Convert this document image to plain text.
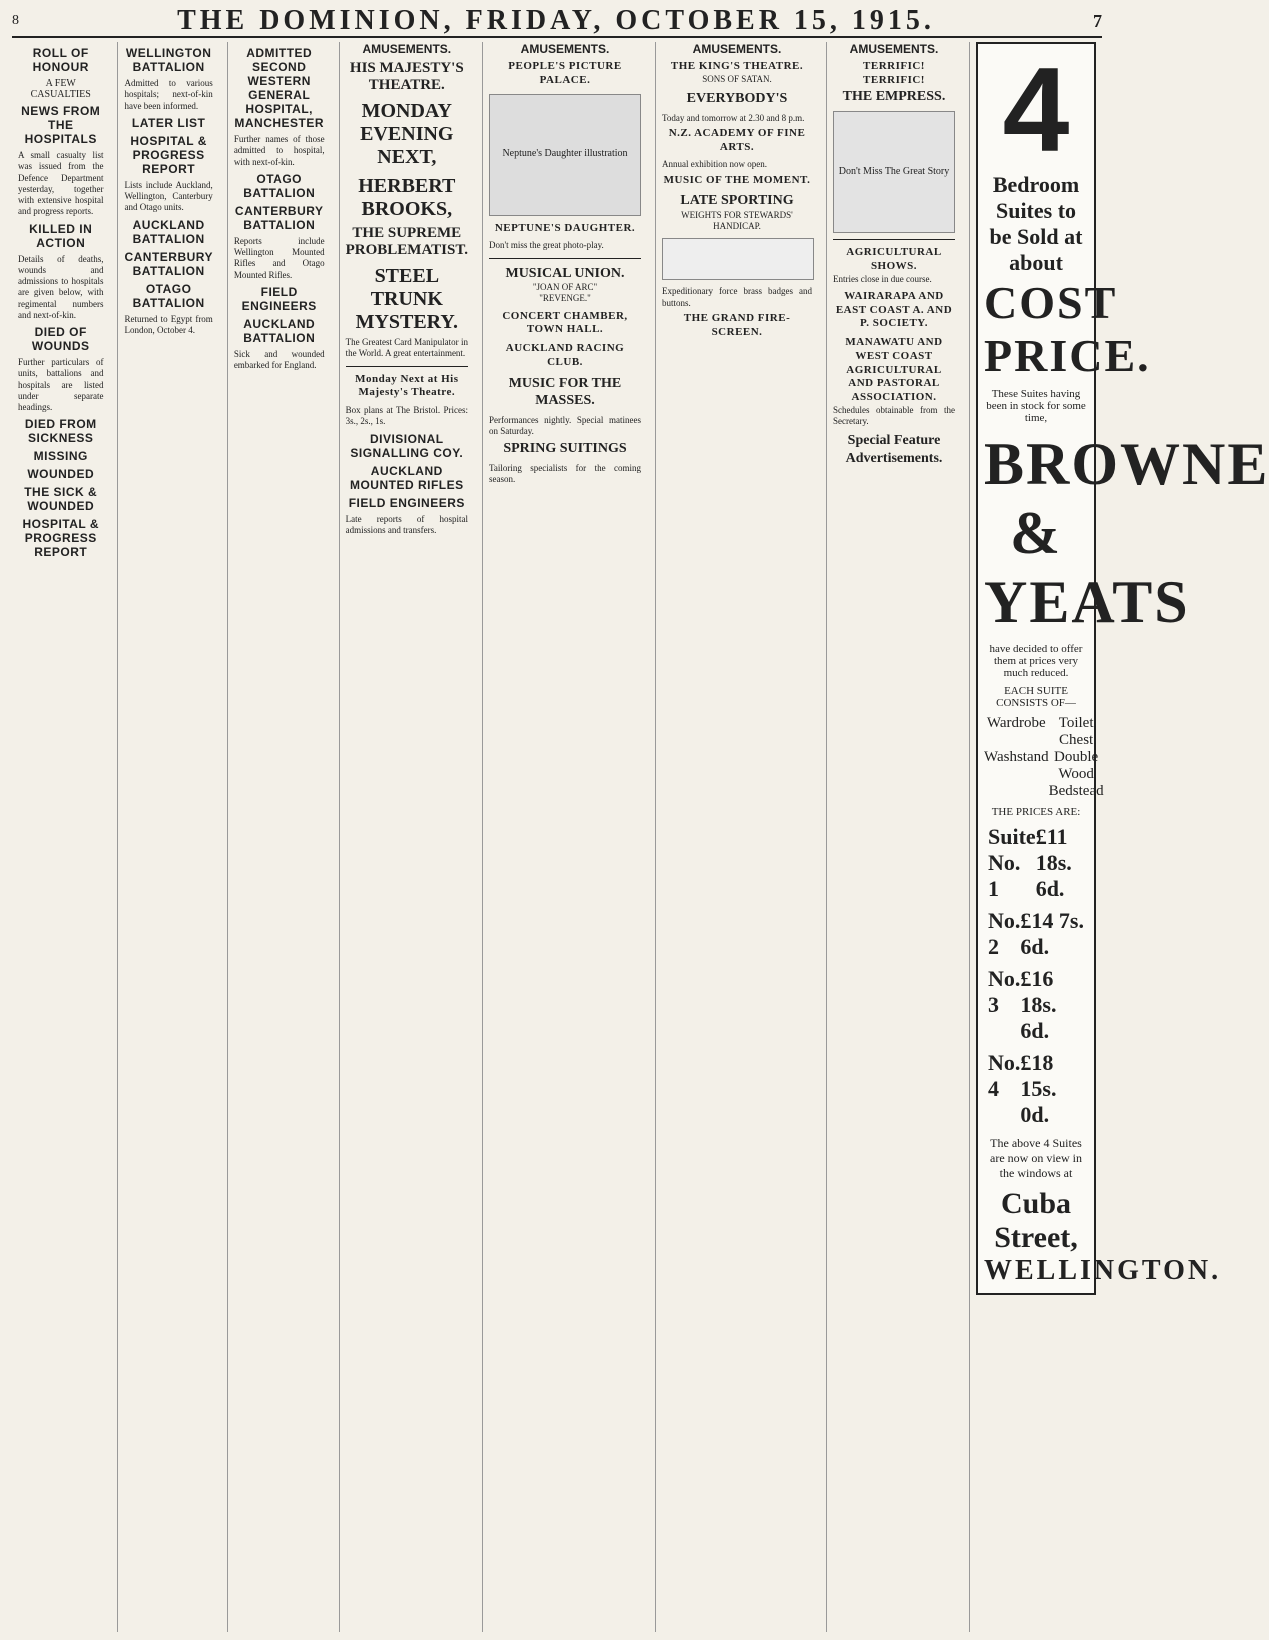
8	THE DOMINION, FRIDAY, OCTOBER 15, 1915.	7
ROLL OF HONOUR
A FEW CASUALTIES
NEWS FROM THE HOSPITALS

A small casualty list was issued from the Defence Department yesterday, together with extensive hospital and progress reports.

KILLED IN ACTION

Details of deaths, wounds and admissions to hospitals are given below, with regimental numbers and next-of-kin.

DIED OF WOUNDS

Further particulars of units, battalions and hospitals are listed under separate headings.

DIED FROM SICKNESS
MISSING
WOUNDED
THE SICK & WOUNDED
HOSPITAL & PROGRESS REPORT
WELLINGTON BATTALION

Admitted to various hospitals; next-of-kin have been informed.

LATER LIST
HOSPITAL & PROGRESS REPORT

Lists include Auckland, Wellington, Canterbury and Otago units.

AUCKLAND BATTALION
CANTERBURY BATTALION
OTAGO BATTALION

Returned to Egypt from London, October 4.

ADMITTED SECOND WESTERN GENERAL HOSPITAL, MANCHESTER

Further names of those admitted to hospital, with next-of-kin.

OTAGO BATTALION
CANTERBURY BATTALION

Reports include Wellington Mounted Rifles and Otago Mounted Rifles.

FIELD ENGINEERS
AUCKLAND BATTALION

Sick and wounded embarked for England.

AMUSEMENTS.
HIS MAJESTY'S THEATRE.
MONDAY EVENING NEXT,
HERBERT BROOKS,
THE SUPREME PROBLEMATIST.
STEEL TRUNK MYSTERY.

The Greatest Card Manipulator in the World. A great entertainment.

Monday Next at His Majesty's Theatre.

Box plans at The Bristol. Prices: 3s., 2s., 1s.

DIVISIONAL SIGNALLING COY.
AUCKLAND MOUNTED RIFLES
FIELD ENGINEERS

Late reports of hospital admissions and transfers.

AMUSEMENTS.
PEOPLE'S PICTURE PALACE.
Neptune's Daughter illustration
NEPTUNE'S DAUGHTER.

Don't miss the great photo-play.

MUSICAL UNION.
"JOAN OF ARC"
"REVENGE."
CONCERT CHAMBER, TOWN HALL.
AUCKLAND RACING CLUB.
MUSIC FOR THE MASSES.

Performances nightly. Special matinees on Saturday.

SPRING SUITINGS

Tailoring specialists for the coming season.

AMUSEMENTS.
THE KING'S THEATRE.
SONS OF SATAN.
EVERYBODY'S

Today and tomorrow at 2.30 and 8 p.m.

N.Z. ACADEMY OF FINE ARTS.

Annual exhibition now open.

MUSIC OF THE MOMENT.
LATE SPORTING
WEIGHTS FOR STEWARDS' HANDICAP.

Expeditionary force brass badges and buttons.

THE GRAND FIRE-SCREEN.
AMUSEMENTS.
TERRIFIC! TERRIFIC!
THE EMPRESS.
Don't Miss The Great Story
AGRICULTURAL SHOWS.

Entries close in due course.

WAIRARAPA AND EAST COAST A. AND P. SOCIETY.
MANAWATU AND WEST COAST AGRICULTURAL AND PASTORAL ASSOCIATION.

Schedules obtainable from the Secretary.

Special Feature Advertisements.
4
Bedroom Suites to be Sold at about
COST PRICE.
These Suites having been in stock for some time,
BROWNE & YEATS
have decided to offer them at prices very much reduced.
EACH SUITE CONSISTS OF—
Wardrobe Toilet Chest
Washstand Double Wood Bedstead
THE PRICES ARE:
Suite No. 1
£11 18s. 6d.
No. 2
£14 7s. 6d.
No. 3
£16 18s. 6d.
No. 4
£18 15s. 0d.
The above 4 Suites are now on view in the windows at
Cuba Street,
WELLINGTON.
